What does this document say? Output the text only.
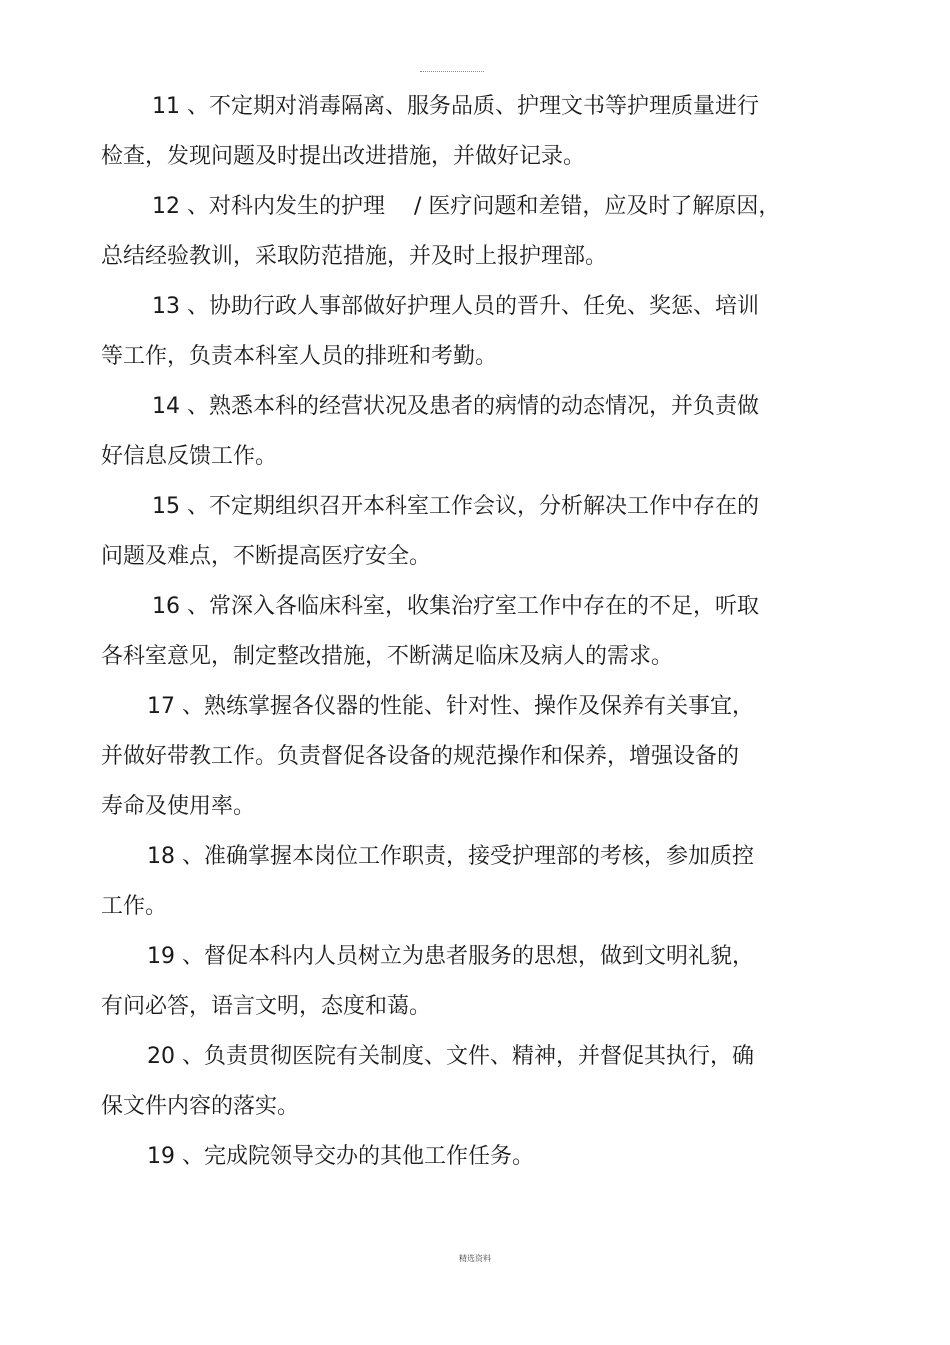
11 、不定期对消毒隔离、服务品质、护理文书等护理质量进行
检查，发现问题及时提出改进措施，并做好记录。

12 、对科内发生的护理　 / 医疗问题和差错，应及时了解原因，
总结经验教训，采取防范措施，并及时上报护理部。

13 、协助行政人事部做好护理人员的晋升、任免、奖惩、培训
等工作，负责本科室人员的排班和考勤。

14 、熟悉本科的经营状况及患者的病情的动态情况，并负责做
好信息反馈工作。

15 、不定期组织召开本科室工作会议，分析解决工作中存在的
问题及难点，不断提高医疗安全。

16 、常深入各临床科室，收集治疗室工作中存在的不足，听取
各科室意见，制定整改措施，不断满足临床及病人的需求。

17 、熟练掌握各仪器的性能、针对性、操作及保养有关事宜，
并做好带教工作。负责督促各设备的规范操作和保养，增强设备的
寿命及使用率。

18 、准确掌握本岗位工作职责，接受护理部的考核，参加质控
工作。

19 、督促本科内人员树立为患者服务的思想，做到文明礼貌，
有问必答，语言文明，态度和蔼。

20 、负责贯彻医院有关制度、文件、精神，并督促其执行，确
保文件内容的落实。

19 、完成院领导交办的其他工作任务。

精选资料
